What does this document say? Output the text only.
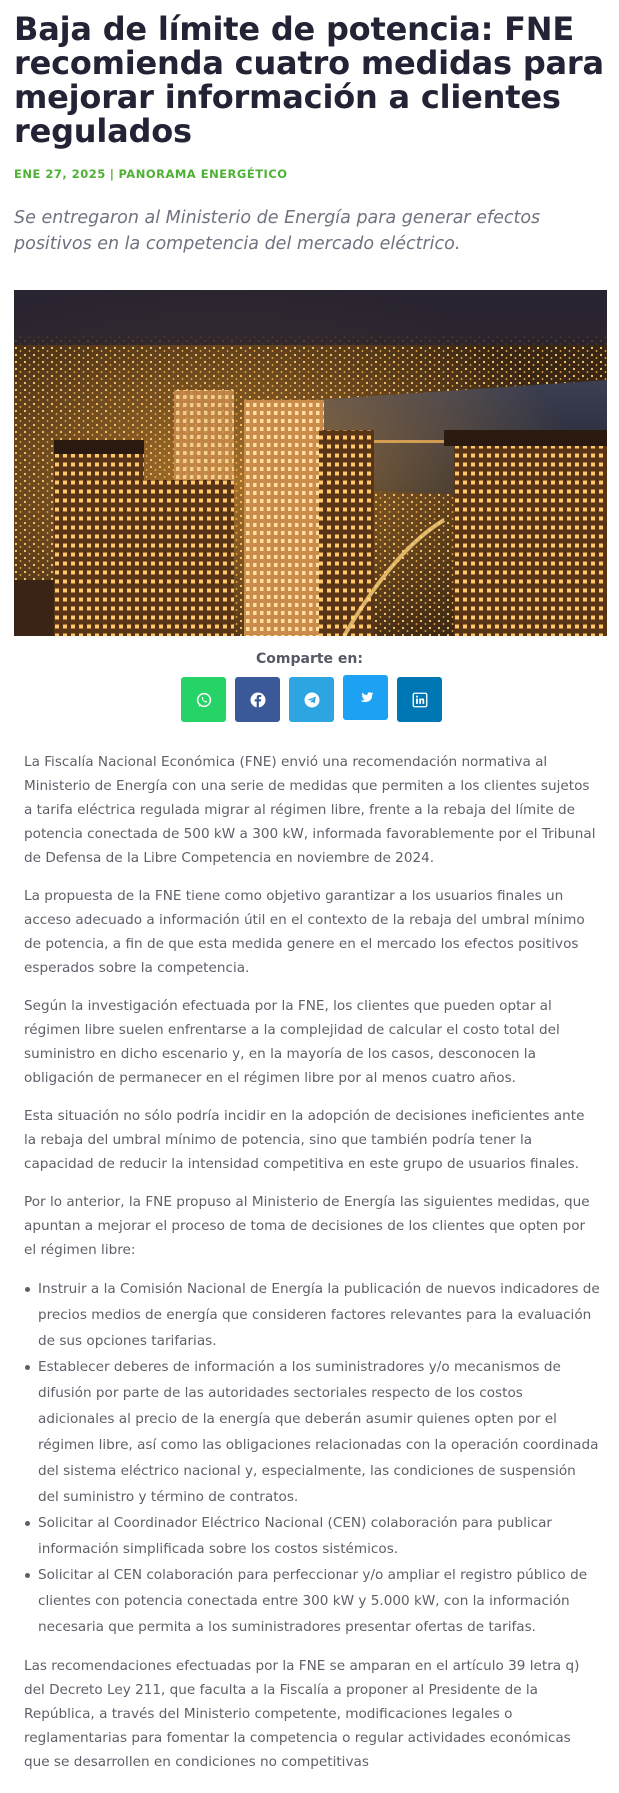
Baja de límite de potencia: FNE recomienda cuatro medidas para mejorar información a clientes regulados
ENE 27, 2025 | PANORAMA ENERGÉTICO

Se entregaron al Ministerio de Energía para generar efectos positivos en la competencia del mercado eléctrico.

Comparte en:

La Fiscalía Nacional Económica (FNE) envió una recomendación normativa al Ministerio de Energía con una serie de medidas que permiten a los clientes sujetos a tarifa eléctrica regulada migrar al régimen libre, frente a la rebaja del límite de potencia conectada de 500 kW a 300 kW, informada favorablemente por el Tribunal de Defensa de la Libre Competencia en noviembre de 2024.

La propuesta de la FNE tiene como objetivo garantizar a los usuarios finales un acceso adecuado a información útil en el contexto de la rebaja del umbral mínimo de potencia, a fin de que esta medida genere en el mercado los efectos positivos esperados sobre la competencia.

Según la investigación efectuada por la FNE, los clientes que pueden optar al régimen libre suelen enfrentarse a la complejidad de calcular el costo total del suministro en dicho escenario y, en la mayoría de los casos, desconocen la obligación de permanecer en el régimen libre por al menos cuatro años.

Esta situación no sólo podría incidir en la adopción de decisiones ineficientes ante la rebaja del umbral mínimo de potencia, sino que también podría tener la capacidad de reducir la intensidad competitiva en este grupo de usuarios finales.

Por lo anterior, la FNE propuso al Ministerio de Energía las siguientes medidas, que apuntan a mejorar el proceso de toma de decisiones de los clientes que opten por el régimen libre:

Instruir a la Comisión Nacional de Energía la publicación de nuevos indicadores de precios medios de energía que consideren factores relevantes para la evaluación de sus opciones tarifarias.
Establecer deberes de información a los suministradores y/o mecanismos de difusión por parte de las autoridades sectoriales respecto de los costos adicionales al precio de la energía que deberán asumir quienes opten por el régimen libre, así como las obligaciones relacionadas con la operación coordinada del sistema eléctrico nacional y, especialmente, las condiciones de suspensión del suministro y término de contratos.
Solicitar al Coordinador Eléctrico Nacional (CEN) colaboración para publicar información simplificada sobre los costos sistémicos.
Solicitar al CEN colaboración para perfeccionar y/o ampliar el registro público de clientes con potencia conectada entre 300 kW y 5.000 kW, con la información necesaria que permita a los suministradores presentar ofertas de tarifas.

Las recomendaciones efectuadas por la FNE se amparan en el artículo 39 letra q) del Decreto Ley 211, que faculta a la Fiscalía a proponer al Presidente de la República, a través del Ministerio competente, modificaciones legales o reglamentarias para fomentar la competencia o regular actividades económicas que se desarrollen en condiciones no competitivas
